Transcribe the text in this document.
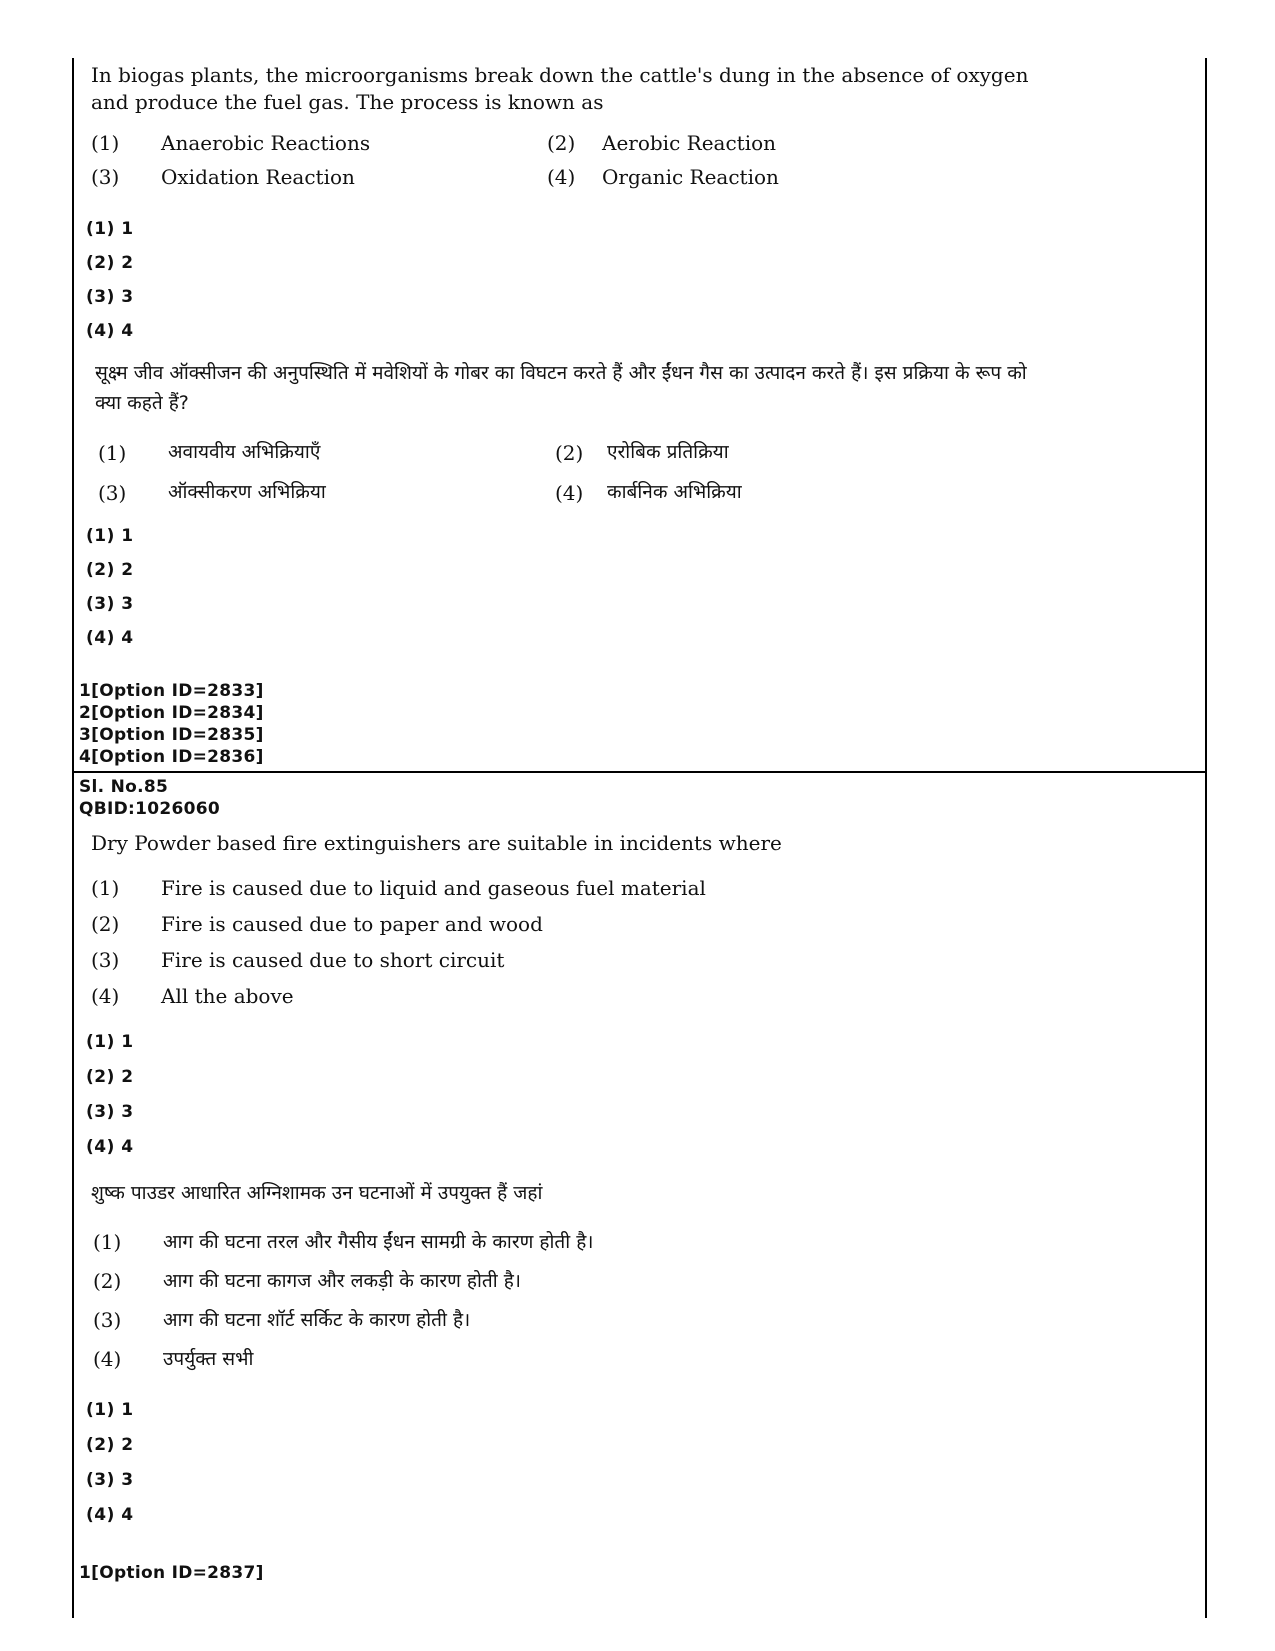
In biogas plants, the microorganisms break down the cattle's dung in the absence of oxygen and produce the fuel gas. The process is known as
(1) Anaerobic Reactions	(2) Aerobic Reaction
(3) Oxidation Reaction	(4) Organic Reaction
(1) 1
(2) 2
(3) 3
(4) 4
सूक्ष्म जीव ऑक्सीजन की अनुपस्थिति में मवेशियों के गोबर का विघटन करते हैं और ईंधन गैस का उत्पादन करते हैं। इस प्रक्रिया के रूप को क्या कहते हैं?
(1) अवायवीय अभिक्रियाएँ	(2) एरोबिक प्रतिक्रिया
(3) ऑक्सीकरण अभिक्रिया	(4) कार्बनिक अभिक्रिया
(1) 1
(2) 2
(3) 3
(4) 4
1[Option ID=2833]
2[Option ID=2834]
3[Option ID=2835]
4[Option ID=2836]
Sl. No.85
QBID:1026060
Dry Powder based fire extinguishers are suitable in incidents where
(1) Fire is caused due to liquid and gaseous fuel material
(2) Fire is caused due to paper and wood
(3) Fire is caused due to short circuit
(4) All the above
(1) 1
(2) 2
(3) 3
(4) 4
शुष्क पाउडर आधारित अग्निशामक उन घटनाओं में उपयुक्त हैं जहां
(1) आग की घटना तरल और गैसीय ईंधन सामग्री के कारण होती है।
(2) आग की घटना कागज और लकड़ी के कारण होती है।
(3) आग की घटना शॉर्ट सर्किट के कारण होती है।
(4) उपर्युक्त सभी
(1) 1
(2) 2
(3) 3
(4) 4
1[Option ID=2837]
